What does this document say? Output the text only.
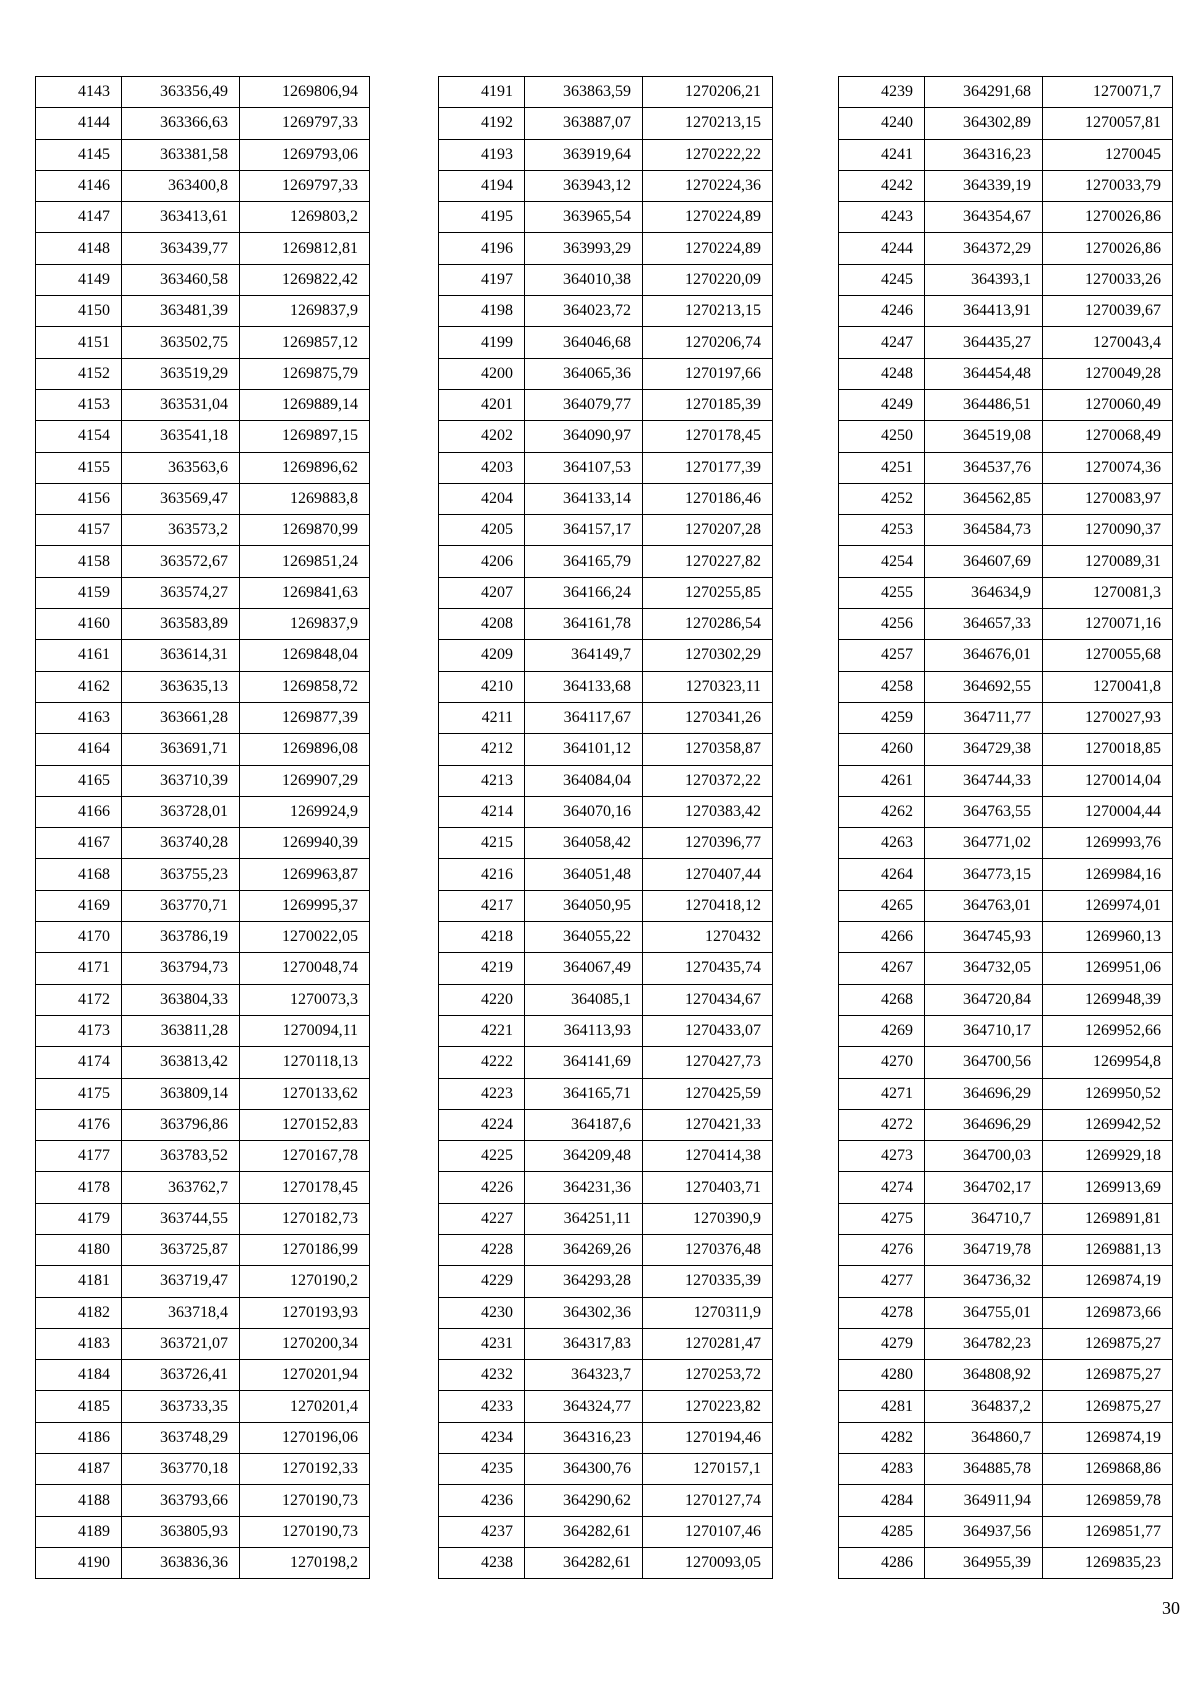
4143	363356,49	1269806,94
4144	363366,63	1269797,33
4145	363381,58	1269793,06
4146	363400,8	1269797,33
4147	363413,61	1269803,2
4148	363439,77	1269812,81
4149	363460,58	1269822,42
4150	363481,39	1269837,9
4151	363502,75	1269857,12
4152	363519,29	1269875,79
4153	363531,04	1269889,14
4154	363541,18	1269897,15
4155	363563,6	1269896,62
4156	363569,47	1269883,8
4157	363573,2	1269870,99
4158	363572,67	1269851,24
4159	363574,27	1269841,63
4160	363583,89	1269837,9
4161	363614,31	1269848,04
4162	363635,13	1269858,72
4163	363661,28	1269877,39
4164	363691,71	1269896,08
4165	363710,39	1269907,29
4166	363728,01	1269924,9
4167	363740,28	1269940,39
4168	363755,23	1269963,87
4169	363770,71	1269995,37
4170	363786,19	1270022,05
4171	363794,73	1270048,74
4172	363804,33	1270073,3
4173	363811,28	1270094,11
4174	363813,42	1270118,13
4175	363809,14	1270133,62
4176	363796,86	1270152,83
4177	363783,52	1270167,78
4178	363762,7	1270178,45
4179	363744,55	1270182,73
4180	363725,87	1270186,99
4181	363719,47	1270190,2
4182	363718,4	1270193,93
4183	363721,07	1270200,34
4184	363726,41	1270201,94
4185	363733,35	1270201,4
4186	363748,29	1270196,06
4187	363770,18	1270192,33
4188	363793,66	1270190,73
4189	363805,93	1270190,73
4190	363836,36	1270198,2
4191	363863,59	1270206,21
4192	363887,07	1270213,15
4193	363919,64	1270222,22
4194	363943,12	1270224,36
4195	363965,54	1270224,89
4196	363993,29	1270224,89
4197	364010,38	1270220,09
4198	364023,72	1270213,15
4199	364046,68	1270206,74
4200	364065,36	1270197,66
4201	364079,77	1270185,39
4202	364090,97	1270178,45
4203	364107,53	1270177,39
4204	364133,14	1270186,46
4205	364157,17	1270207,28
4206	364165,79	1270227,82
4207	364166,24	1270255,85
4208	364161,78	1270286,54
4209	364149,7	1270302,29
4210	364133,68	1270323,11
4211	364117,67	1270341,26
4212	364101,12	1270358,87
4213	364084,04	1270372,22
4214	364070,16	1270383,42
4215	364058,42	1270396,77
4216	364051,48	1270407,44
4217	364050,95	1270418,12
4218	364055,22	1270432
4219	364067,49	1270435,74
4220	364085,1	1270434,67
4221	364113,93	1270433,07
4222	364141,69	1270427,73
4223	364165,71	1270425,59
4224	364187,6	1270421,33
4225	364209,48	1270414,38
4226	364231,36	1270403,71
4227	364251,11	1270390,9
4228	364269,26	1270376,48
4229	364293,28	1270335,39
4230	364302,36	1270311,9
4231	364317,83	1270281,47
4232	364323,7	1270253,72
4233	364324,77	1270223,82
4234	364316,23	1270194,46
4235	364300,76	1270157,1
4236	364290,62	1270127,74
4237	364282,61	1270107,46
4238	364282,61	1270093,05
4239	364291,68	1270071,7
4240	364302,89	1270057,81
4241	364316,23	1270045
4242	364339,19	1270033,79
4243	364354,67	1270026,86
4244	364372,29	1270026,86
4245	364393,1	1270033,26
4246	364413,91	1270039,67
4247	364435,27	1270043,4
4248	364454,48	1270049,28
4249	364486,51	1270060,49
4250	364519,08	1270068,49
4251	364537,76	1270074,36
4252	364562,85	1270083,97
4253	364584,73	1270090,37
4254	364607,69	1270089,31
4255	364634,9	1270081,3
4256	364657,33	1270071,16
4257	364676,01	1270055,68
4258	364692,55	1270041,8
4259	364711,77	1270027,93
4260	364729,38	1270018,85
4261	364744,33	1270014,04
4262	364763,55	1270004,44
4263	364771,02	1269993,76
4264	364773,15	1269984,16
4265	364763,01	1269974,01
4266	364745,93	1269960,13
4267	364732,05	1269951,06
4268	364720,84	1269948,39
4269	364710,17	1269952,66
4270	364700,56	1269954,8
4271	364696,29	1269950,52
4272	364696,29	1269942,52
4273	364700,03	1269929,18
4274	364702,17	1269913,69
4275	364710,7	1269891,81
4276	364719,78	1269881,13
4277	364736,32	1269874,19
4278	364755,01	1269873,66
4279	364782,23	1269875,27
4280	364808,92	1269875,27
4281	364837,2	1269875,27
4282	364860,7	1269874,19
4283	364885,78	1269868,86
4284	364911,94	1269859,78
4285	364937,56	1269851,77
4286	364955,39	1269835,23
30
